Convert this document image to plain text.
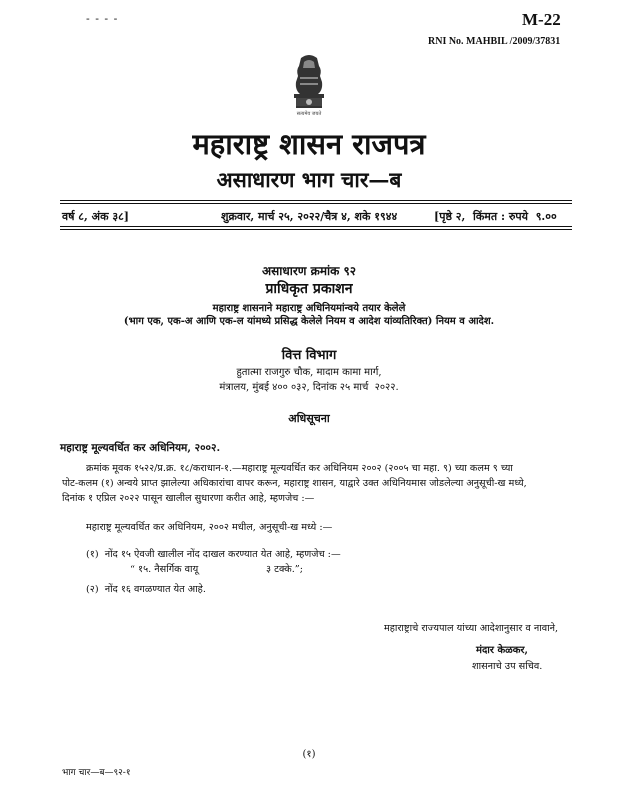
- - - -	M-22
RNI No. MAHBIL /2009/37831
सत्यमेव जयते
महाराष्ट्र शासन राजपत्र
असाधारण भाग चार—ब
वर्ष ८, अंक ३८]	शुक्रवार, मार्च २५, २०२२/चैत्र ४, शके १९४४	[पृष्ठे २,  किंमत : रुपये  ९.००
असाधारण क्रमांक ९२
प्राधिकृत प्रकाशन
महाराष्ट्र शासनाने महाराष्ट्र अधिनियमांन्वये तयार केलेले
(भाग एक, एक-अ आणि एक-ल यांमध्ये प्रसिद्ध केलेले नियम व आदेश यांव्यतिरिक्त) नियम व आदेश.
वित्त विभाग
हुतात्मा राजगुरु चौक, मादाम कामा मार्ग,
मंत्रालय, मुंबई ४०० ०३२, दिनांक २५ मार्च  २०२२.
अधिसूचना
महाराष्ट्र मूल्यवर्धित कर अधिनियम, २००२.
क्रमांक मूवक १५२२/प्र.क्र. १८/कराधान-१.—महाराष्ट्र मूल्यवर्धित कर अधिनियम २००२ (२००५ चा महा. ९) च्या कलम ९ च्या
पोट-कलम (१) अन्वये प्राप्त झालेल्या अधिकारांचा वापर करून, महाराष्ट्र शासन, याद्वारे उक्त अधिनियमास जोडलेल्या अनुसूची-ख मध्ये,
दिनांक १ एप्रिल २०२२ पासून खालील सुधारणा करीत आहे, म्हणजेच :—
महाराष्ट्र मूल्यवर्धित कर अधिनियम, २००२ मधील, अनुसूची-ख मध्ये :—
(१)  नोंद १५ ऐवजी खालील नोंद दाखल करण्यात येत आहे, म्हणजेच :—
“ १५. नैसर्गिक वायू	३ टक्के.”;
(२)  नोंद १६ वगळण्यात येत आहे.
महाराष्ट्राचे राज्यपाल यांच्या आदेशानुसार व नावाने,
मंदार केळकर,
शासनाचे उप सचिव.
(१)
भाग चार—ब—९२-१
